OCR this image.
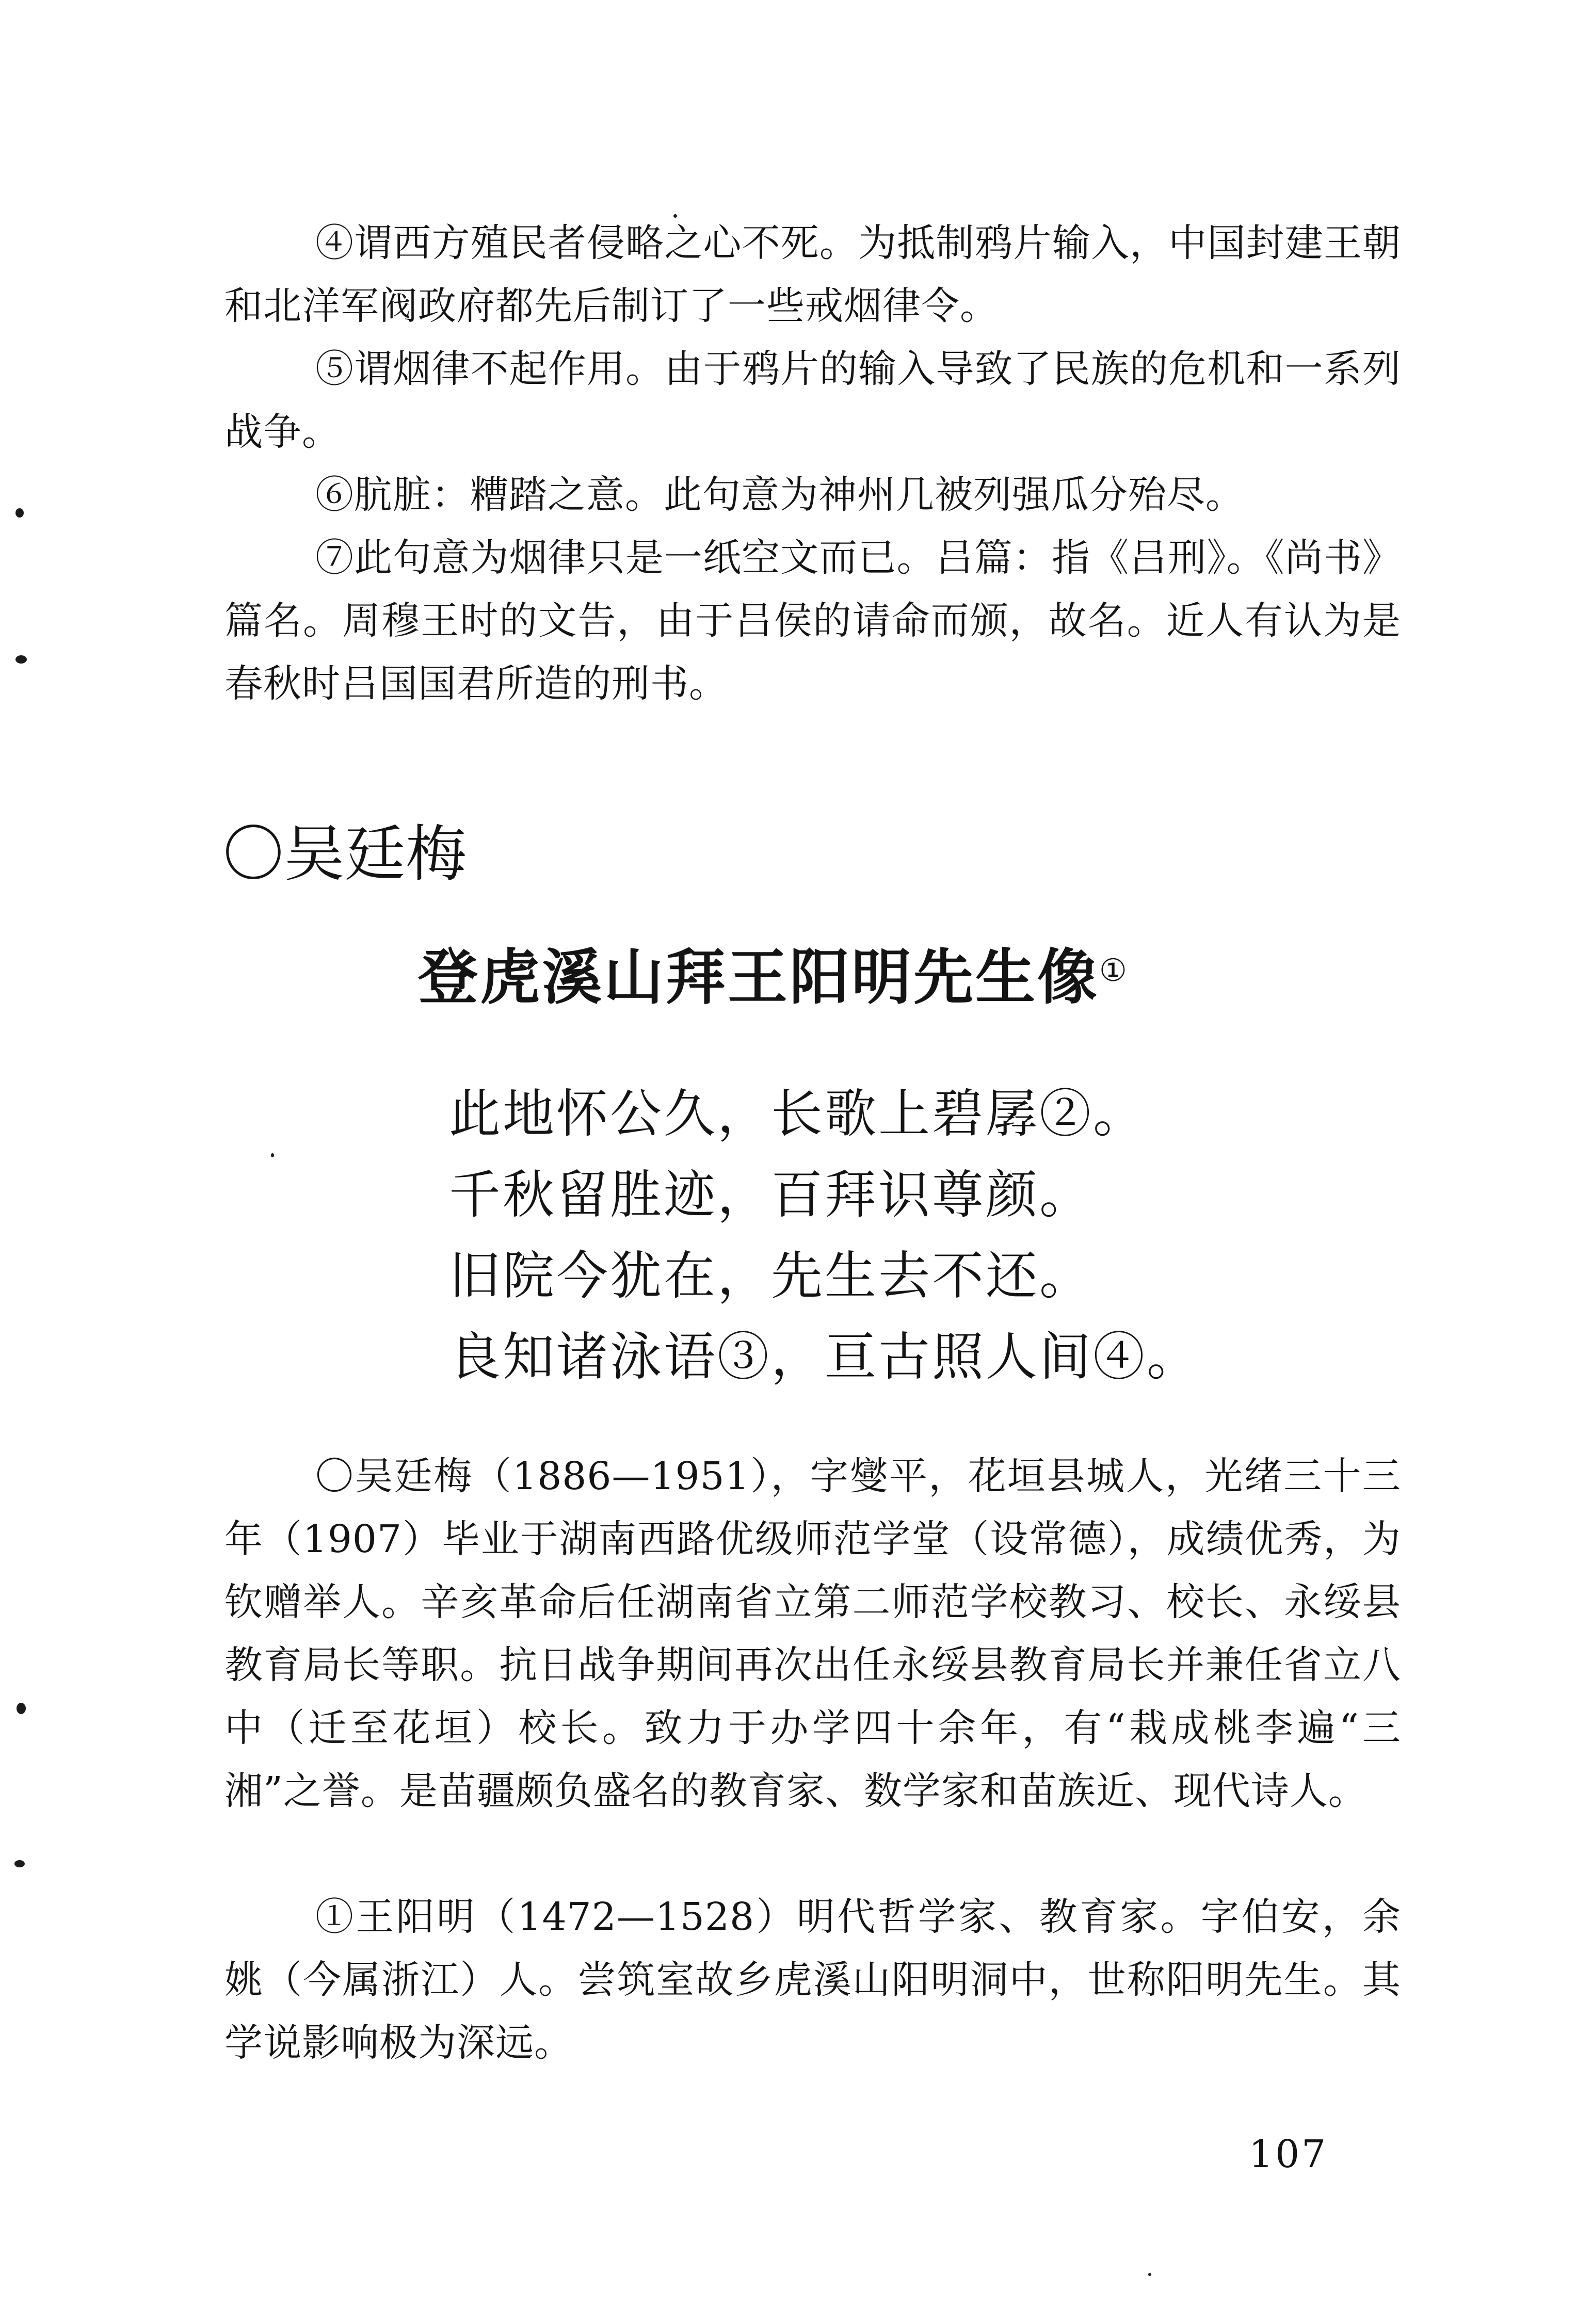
④谓西方殖民者侵略之心不死。为抵制鸦片输入，中国封建王朝和北洋军阀政府都先后制订了一些戒烟律令。
⑤谓烟律不起作用。由于鸦片的输入导致了民族的危机和一系列战争。
⑥肮脏：糟踏之意。此句意为神州几被列强瓜分殆尽。
⑦此句意为烟律只是一纸空文而已。吕篇：指《吕刑》。《尚书》篇名。周穆王时的文告，由于吕侯的请命而颁，故名。近人有认为是春秋时吕国国君所造的刑书。
〇吴廷梅
登虎溪山拜王阳明先生像①
此地怀公久，长歌上碧孱②。
千秋留胜迹，百拜识尊颜。
旧院今犹在，先生去不还。
良知诸泳语③，亘古照人间④。
〇吴廷梅（1886—1951），字燮平，花垣县城人，光绪三十三年（1907）毕业于湖南西路优级师范学堂（设常德），成绩优秀，为钦赠举人。辛亥革命后任湖南省立第二师范学校教习、校长、永绥县教育局长等职。抗日战争期间再次出任永绥县教育局长并兼任省立八中（迁至花垣）校长。致力于办学四十余年，有“栽成桃李遍“三湘”之誉。是苗疆颇负盛名的教育家、数学家和苗族近、现代诗人。
①王阳明（1472—1528）明代哲学家、教育家。字伯安，余姚（今属浙江）人。尝筑室故乡虎溪山阳明洞中，世称阳明先生。其学说影响极为深远。
107
